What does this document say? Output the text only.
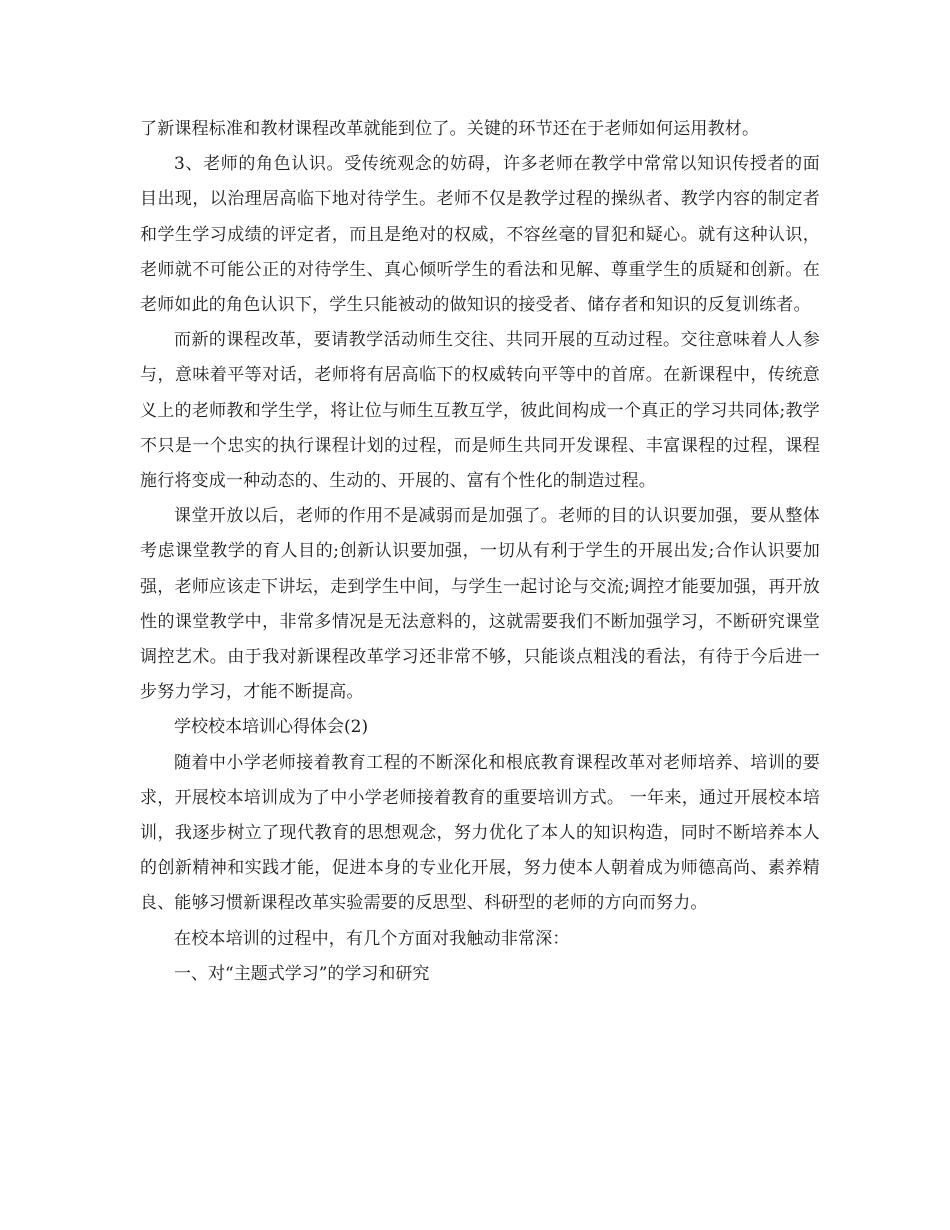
了新课程标准和教材课程改革就能到位了。关键的环节还在于老师如何运用教材。

3、老师的角色认识。受传统观念的妨碍，许多老师在教学中常常以知识传授者的面目出现，以治理居高临下地对待学生。老师不仅是教学过程的操纵者、教学内容的制定者和学生学习成绩的评定者，而且是绝对的权威，不容丝毫的冒犯和疑心。就有这种认识，老师就不可能公正的对待学生、真心倾听学生的看法和见解、尊重学生的质疑和创新。在老师如此的角色认识下，学生只能被动的做知识的接受者、储存者和知识的反复训练者。

而新的课程改革，要请教学活动师生交往、共同开展的互动过程。交往意味着人人参与，意味着平等对话，老师将有居高临下的权威转向平等中的首席。在新课程中，传统意义上的老师教和学生学，将让位与师生互教互学，彼此间构成一个真正的学习共同体;教学不只是一个忠实的执行课程计划的过程，而是师生共同开发课程、丰富课程的过程，课程施行将变成一种动态的、生动的、开展的、富有个性化的制造过程。

课堂开放以后，老师的作用不是减弱而是加强了。老师的目的认识要加强，要从整体考虑课堂教学的育人目的;创新认识要加强，一切从有利于学生的开展出发;合作认识要加强，老师应该走下讲坛，走到学生中间，与学生一起讨论与交流;调控才能要加强，再开放性的课堂教学中，非常多情况是无法意料的，这就需要我们不断加强学习，不断研究课堂调控艺术。由于我对新课程改革学习还非常不够，只能谈点粗浅的看法，有待于今后进一步努力学习，才能不断提高。

学校校本培训心得体会(2)

随着中小学老师接着教育工程的不断深化和根底教育课程改革对老师培养、培训的要求，开展校本培训成为了中小学老师接着教育的重要培训方式。 一年来，通过开展校本培训，我逐步树立了现代教育的思想观念，努力优化了本人的知识构造，同时不断培养本人的创新精神和实践才能，促进本身的专业化开展，努力使本人朝着成为师德高尚、素养精良、能够习惯新课程改革实验需要的反思型、科研型的老师的方向而努力。

在校本培训的过程中，有几个方面对我触动非常深：

一、对“主题式学习”的学习和研究
